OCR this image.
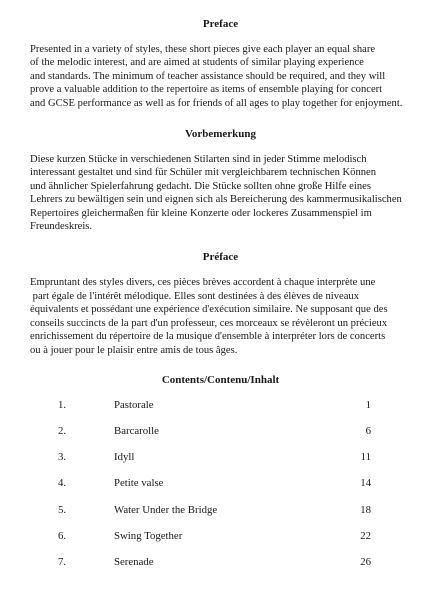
Preface

Presented in a variety of styles, these short pieces give each player an equal share
of the melodic interest, and are aimed at students of similar playing experience
and standards. The minimum of teacher assistance should be required, and they will
prove a valuable addition to the repertoire as items of ensemble playing for concert
and GCSE performance as well as for friends of all ages to play together for enjoyment.

Vorbemerkung

Diese kurzen Stücke in verschiedenen Stilarten sind in jeder Stimme melodisch
interessant gestaltet und sind für Schüler mit vergleichbarem technischen Können
und ähnlicher Spielerfahrung gedacht. Die Stücke sollten ohne große Hilfe eines
Lehrers zu bewältigen sein und eignen sich als Bereicherung des kammermusikalischen
Repertoires gleichermaßen für kleine Konzerte oder lockeres Zusammenspiel im
Freundeskreis.

Préface

Empruntant des styles divers, ces pièces brèves accordent à chaque interprète une
part égale de l'intérêt mélodique. Elles sont destinées à des élèves de niveaux
équivalents et possédant une expérience d'exécution similaire. Ne supposant que des
conseils succincts de la part d'un professeur, ces morceaux se révèleront un précieux
enrichissement du répertoire de la musique d'ensemble à interpréter lors de concerts
ou à jouer pour le plaisir entre amis de tous âges.

Contents/Contenu/Inhalt
1.	Pastorale	1
2.	Barcarolle	6
3.	Idyll	11
4.	Petite valse	14
5.	Water Under the Bridge	18
6.	Swing Together	22
7.	Serenade	26
